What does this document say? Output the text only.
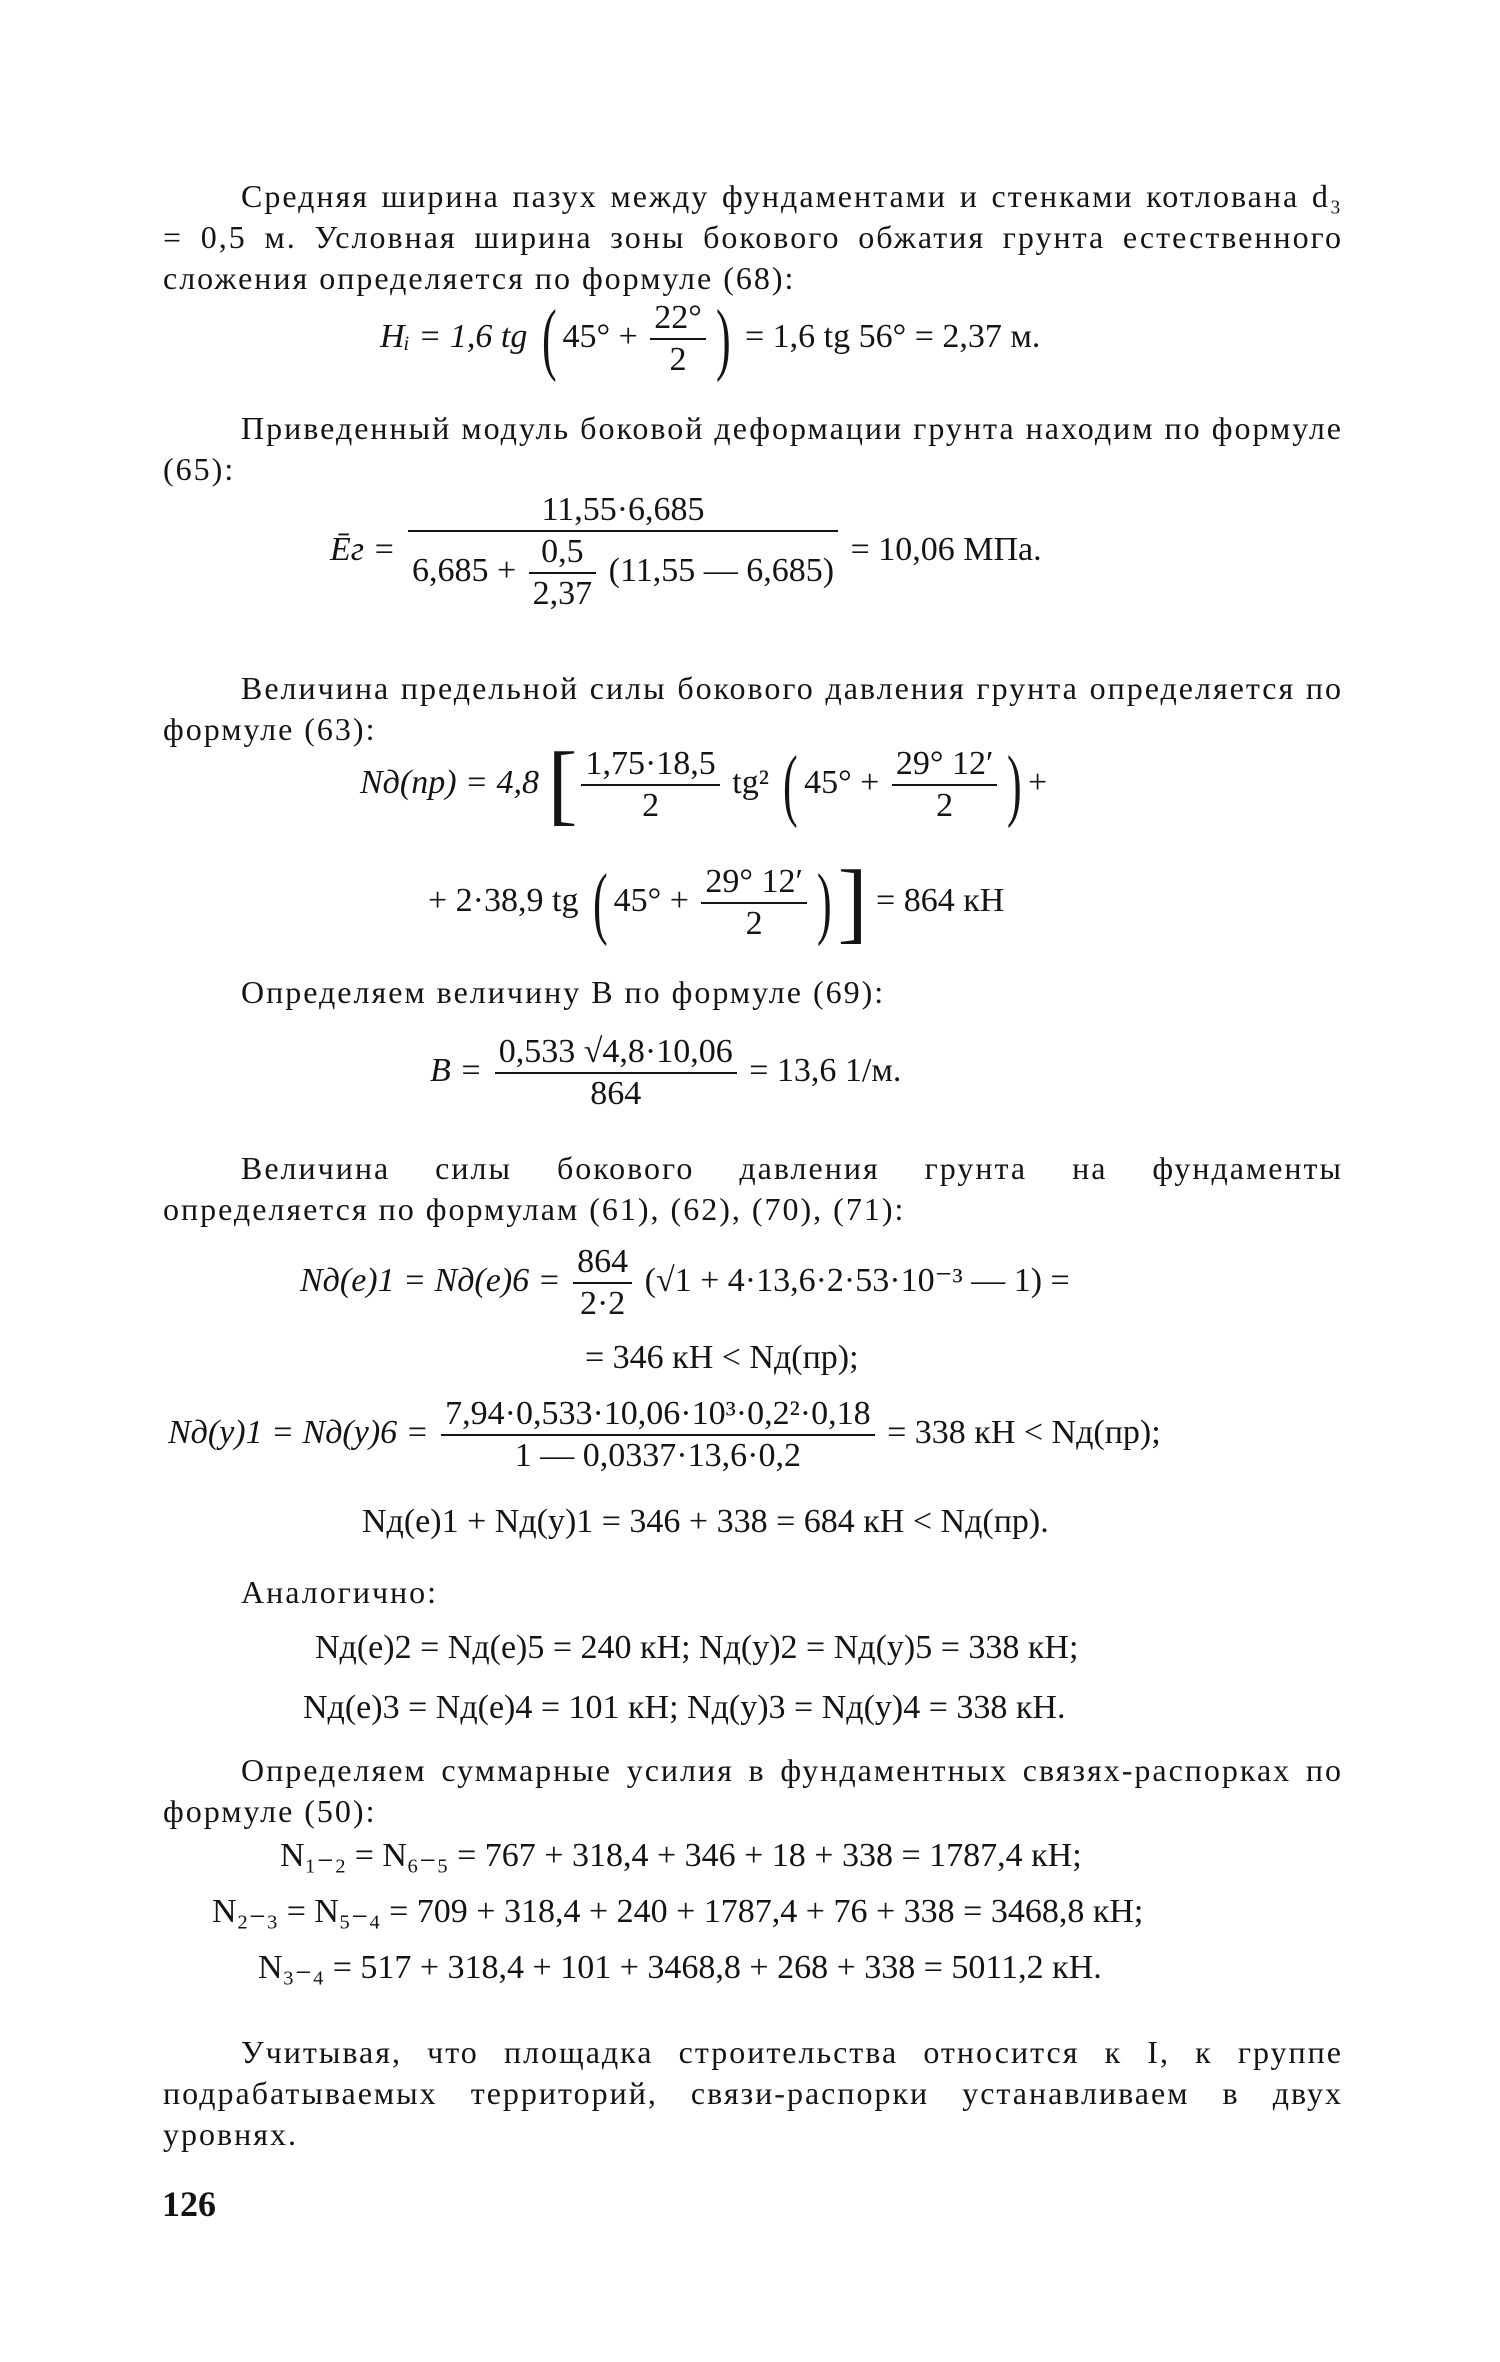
Средняя ширина пазух между фундаментами и стенками котлована d₃ = 0,5 м. Условная ширина зоны бокового обжатия грунта естественного сложения определяется по формуле (68):
Hᵢ = 1,6 tg ( $45^\circ + \frac{22^\circ}{2}$ ) = 1,6 tg 56° = 2,37 м.
Приведенный модуль боковой деформации грунта находим по формуле (65):
Ēг =
11,55·6,685
$6,685 + \frac{0,5}{2,37} (11,55$ — 6,685)
= 10,06 МПа.
Величина предельной силы бокового давления грунта определяется по формуле (63):
Nд(пр) = 4,8 [ $\frac{1,75\cdot 18,5}{2} tg^2$ ( $45^\circ + \frac{29^\circ 12'}{2}$ ) +
+ 2·38,9 tg ( $45^\circ + \frac{29^\circ 12'}{2}$ )] = 864 кН
Определяем величину B по формуле (69):
$B = \frac{0,533 √4,8\cdot 10,06}{864} = 13,6$ 1/м.
Величина силы бокового давления грунта на фундаменты определяется по формулам (61), (62), (70), (71):
$Nд(е)1 = Nд(е)6 = \frac{864}{2\cdot 2} (√1 + 4\cdot 13,6\cdot 2\cdot 53\cdot 10^{-3}$ — 1) =
= 346 кН < Nд(пр);
$Nд(у)1 = Nд(у)6 = \frac{\text{7,94·0,533·10,06·10³·0,2²·0,18}}{1 — 0,0337\cdot 13,6\cdot 0,2} = 338$ кН < Nд(пр);
Nд(е)1 + Nд(у)1 = 346 + 338 = 684 кН < Nд(пр).
Аналогично:
Nд(е)2 = Nд(е)5 = 240 кН; Nд(у)2 = Nд(у)5 = 338 кН;
Nд(е)3 = Nд(е)4 = 101 кН; Nд(у)3 = Nд(у)4 = 338 кН.
Определяем суммарные усилия в фундаментных связях-распорках по формуле (50):
N₁₋₂ = N₆₋₅ = 767 + 318,4 + 346 + 18 + 338 = 1787,4 кН;
N₂₋₃ = N₅₋₄ = 709 + 318,4 + 240 + 1787,4 + 76 + 338 = 3468,8 кН;
N₃₋₄ = 517 + 318,4 + 101 + 3468,8 + 268 + 338 = 5011,2 кН.
Учитывая, что площадка строительства относится к I, к группе подрабатываемых территорий, связи-распорки устанавливаем в двух уровнях.
126
